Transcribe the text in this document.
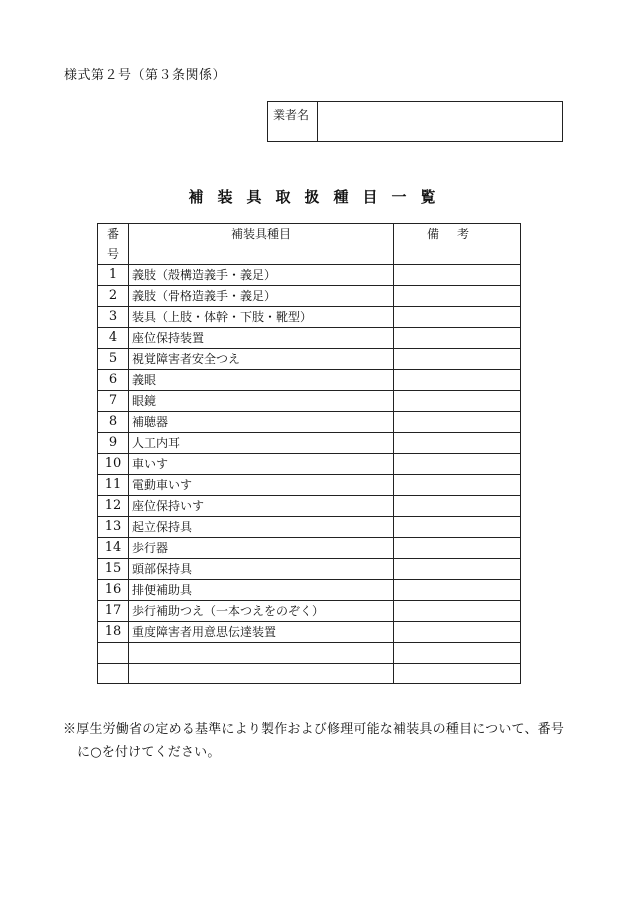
様式第２号（第３条関係）
業者名
補装具取扱種目一覧
番
号	補装具種目	備考
1	義肢（殻構造義手・義足）	
2	義肢（骨格造義手・義足）	
3	装具（上肢・体幹・下肢・靴型）	
4	座位保持装置	
5	視覚障害者安全つえ	
6	義眼	
7	眼鏡	
8	補聴器	
9	人工内耳	
10	車いす	
11	電動車いす	
12	座位保持いす	
13	起立保持具	
14	歩行器	
15	頭部保持具	
16	排便補助具	
17	歩行補助つえ（一本つえをのぞく）	
18	重度障害者用意思伝達装置	

※厚生労働省の定める基準により製作および修理可能な補装具の種目について、番号に○を付けてください。
